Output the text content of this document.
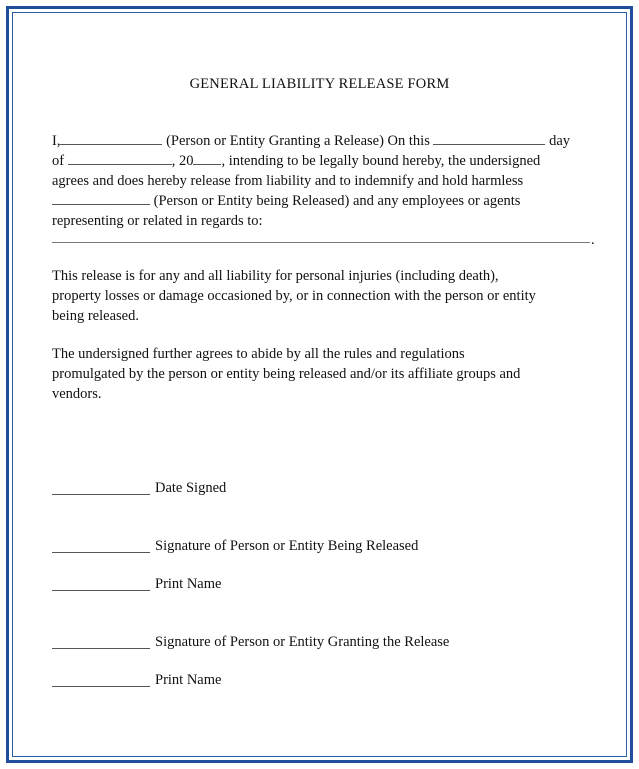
GENERAL LIABILITY RELEASE FORM
I,	(Person or Entity Granting a Release) On this	day
of	, 20 , intending to be legally bound hereby, the undersigned
agrees and does hereby release from liability and to indemnify and hold harmless
(Person or Entity being Released) and any employees or agents
representing or related in regards to:
.
This release is for any and all liability for personal injuries (including death),
property losses or damage occasioned by, or in connection with the person or entity
being released.
The undersigned further agrees to abide by all the rules and regulations
promulgated by the person or entity being released and/or its affiliate groups and
vendors.
Date Signed
Signature of Person or Entity Being Released
Print Name
Signature of Person or Entity Granting the Release
Print Name
